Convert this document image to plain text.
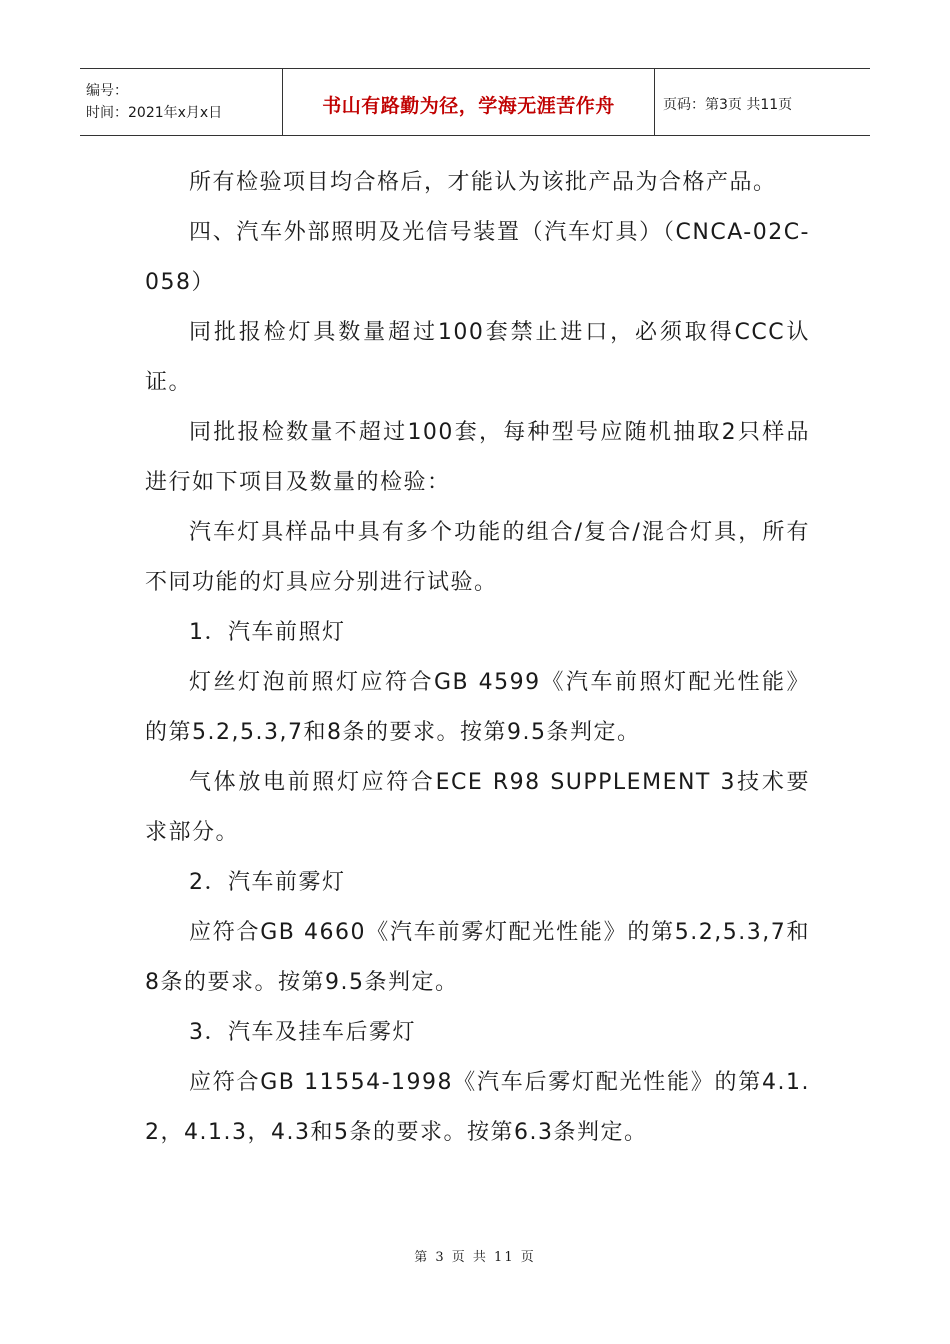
编号：
时间：2021年x月x日	书山有路勤为径，学海无涯苦作舟	页码：第3页 共11页

所有检验项目均合格后，才能认为该批产品为合格产品。

四、汽车外部照明及光信号装置（汽车灯具）（CNCA-02C-058）

同批报检灯具数量超过100套禁止进口，必须取得CCC认证。

同批报检数量不超过100套，每种型号应随机抽取2只样品进行如下项目及数量的检验：

汽车灯具样品中具有多个功能的组合/复合/混合灯具，所有不同功能的灯具应分别进行试验。

1．汽车前照灯

灯丝灯泡前照灯应符合GB 4599《汽车前照灯配光性能》的第5.2,5.3,7和8条的要求。按第9.5条判定。

气体放电前照灯应符合ECE R98 SUPPLEMENT 3技术要求部分。

2．汽车前雾灯

应符合GB 4660《汽车前雾灯配光性能》的第5.2,5.3,7和8条的要求。按第9.5条判定。

3．汽车及挂车后雾灯

应符合GB 11554-1998《汽车后雾灯配光性能》的第4.1.2，4.1.3，4.3和5条的要求。按第6.3条判定。

第 3 页 共 11 页
